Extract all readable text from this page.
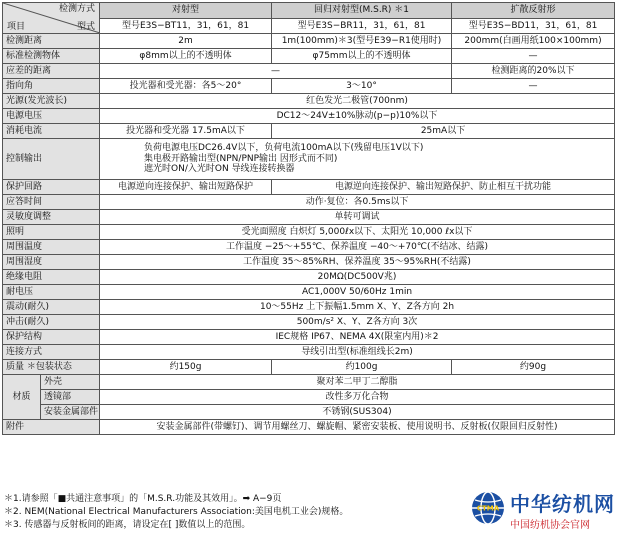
检测方式
项目 型式		对射型	回归对射型(M.S.R) ＊1	扩散反射形
		型号E3S−BT11，31，61，81	型号E3S−BR11，31，61，81	型号E3S−BD11，31，61，81
检测距离		2m	1m(100mm)＊3(型号E39−R1使用时)	200mm(白画用纸100×100mm)
标准检测物体		φ8mm以上的不透明体	φ75mm以上的不透明体	—
应差的距离		—		检测距离的20%以下
指向角		投光器和受光器：各5～20°	3～10°	—
光源(发光波长)		红色发光二极管(700nm)		
电源电压		DC12～24V±10%脉动(p−p)10%以下		
消耗电流		投光器和受光器 17.5mA以下	25mA以下	
控制输出		负荷电源电压DC26.4V以下，负荷电流100mA以下(残留电压1V以下)
集电极开路输出型(NPN/PNP输出 因形式而不同)
遮光时ON/入光时ON 导线连接转换器		

保护回路		电源逆向连接保护、输出短路保护	电源逆向连接保护、输出短路保护、防止相互干扰功能	
应答时间		动作·复位：各0.5ms以下		
灵敏度调整		单转可调试		
照明		受光面照度 白炽灯 5,000ℓx以下、太阳光 10,000 ℓx以下		
周围温度		工作温度 −25～+55℃、保养温度 −40～+70℃(不结冰、结露)		
周围湿度		工作温度 35～85%RH、保养温度 35～95%RH(不结露)		
绝缘电阻		20MΩ(DC500V兆)		
耐电压		AC1,000V 50/60Hz 1min		
震动(耐久)		10～55Hz 上下振幅1.5mm X、Y、Z各方向 2h		
冲击(耐久)		500m/s² X、Y、Z各方向 3次		
保护结构		IEC规格 IP67、NEMA 4X(限室内用)＊2		
连接方式		导线引出型(标准组线长2m)		
质量 ＊包装状态		约150g	约100g	约90g
材质	外壳	聚对苯二甲丁二醇脂		
	透镜部	改性多万化合物		
	安装金属部件	不锈钢(SUS304)		
附件		安装金属部件(带螺钉)、调节用螺丝刀、螺旋帽、紧密安装板、使用说明书、反射板(仅限回归反射性)		
＊1.请参照「■共通注意事项」的「M.S.R.功能及其效用」。➡ A−9页
＊2. NEM(National Electrical Manufacturers Association:美国电机工业会)规格。
＊3. 传感器与反射板间的距离，请设定在[ ]数值以上的范围。
CTMA 中华纺机网
中国纺机协会官网
